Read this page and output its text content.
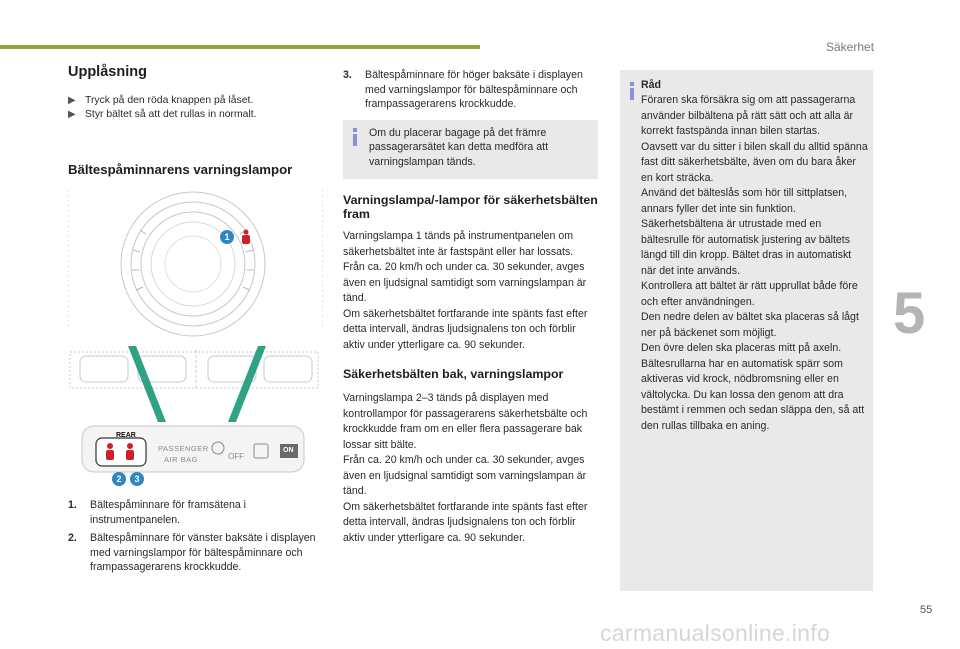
Säkerhet
5
55
carmanualsonline.info
Upplåsning
▶ Tryck på den röda knappen på låset.
▶ Styr bältet så att det rullas in normalt.
Bältespåminnarens varningslampor
REAR
PASSENGER
AIR BAG	OFF
ON
1
2	3
1. Bältespåminnare för framsätena i instrumentpanelen.
2. Bältespåminnare för vänster baksäte i displayen med varningslampor för bältespåminnare och frampassagerarens krockkudde.
3. Bältespåminnare för höger baksäte i displayen med varningslampor för bältespåminnare och frampassagerarens krockkudde.

Om du placerar bagage på det främre passagerarsätet kan detta medföra att varningslampan tänds.

Varningslampa/-lampor för säkerhetsbälten fram

Varningslampa 1 tänds på instrumentpanelen om säkerhetsbältet inte är fastspänt eller har lossats.
Från ca. 20 km/h och under ca. 30 sekunder, avges även en ljudsignal samtidigt som varningslampan är tänd.
Om säkerhetsbältet fortfarande inte spänts fast efter detta intervall, ändras ljudsignalens ton och förblir aktiv under ytterligare ca. 90 sekunder.

Säkerhetsbälten bak, varningslampor

Varningslampa 2–3 tänds på displayen med kontrollampor för passagerarens säkerhetsbälte och krockkudde fram om en eller flera passagerare bak lossar sitt bälte.
Från ca. 20 km/h och under ca. 30 sekunder, avges även en ljudsignal samtidigt som varningslampan är tänd.
Om säkerhetsbältet fortfarande inte spänts fast efter detta intervall, ändras ljudsignalens ton och förblir aktiv under ytterligare ca. 90 sekunder.

Råd

Föraren ska försäkra sig om att passagerarna använder bilbältena på rätt sätt och att alla är korrekt fastspända innan bilen startas.
Oavsett var du sitter i bilen skall du alltid spänna fast ditt säkerhetsbälte, även om du bara åker en kort sträcka.
Använd det bälteslås som hör till sittplatsen, annars fyller det inte sin funktion.
Säkerhetsbältena är utrustade med en bältesrulle för automatisk justering av bältets längd till din kropp. Bältet dras in automatiskt när det inte används.
Kontrollera att bältet är rätt upprullat både före och efter användningen.
Den nedre delen av bältet ska placeras så lågt ner på bäckenet som möjligt.
Den övre delen ska placeras mitt på axeln.
Bältesrullarna har en automatisk spärr som aktiveras vid krock, nödbromsning eller en vältolycka. Du kan lossa den genom att dra bestämt i remmen och sedan släppa den, så att den rullas tillbaka en aning.
